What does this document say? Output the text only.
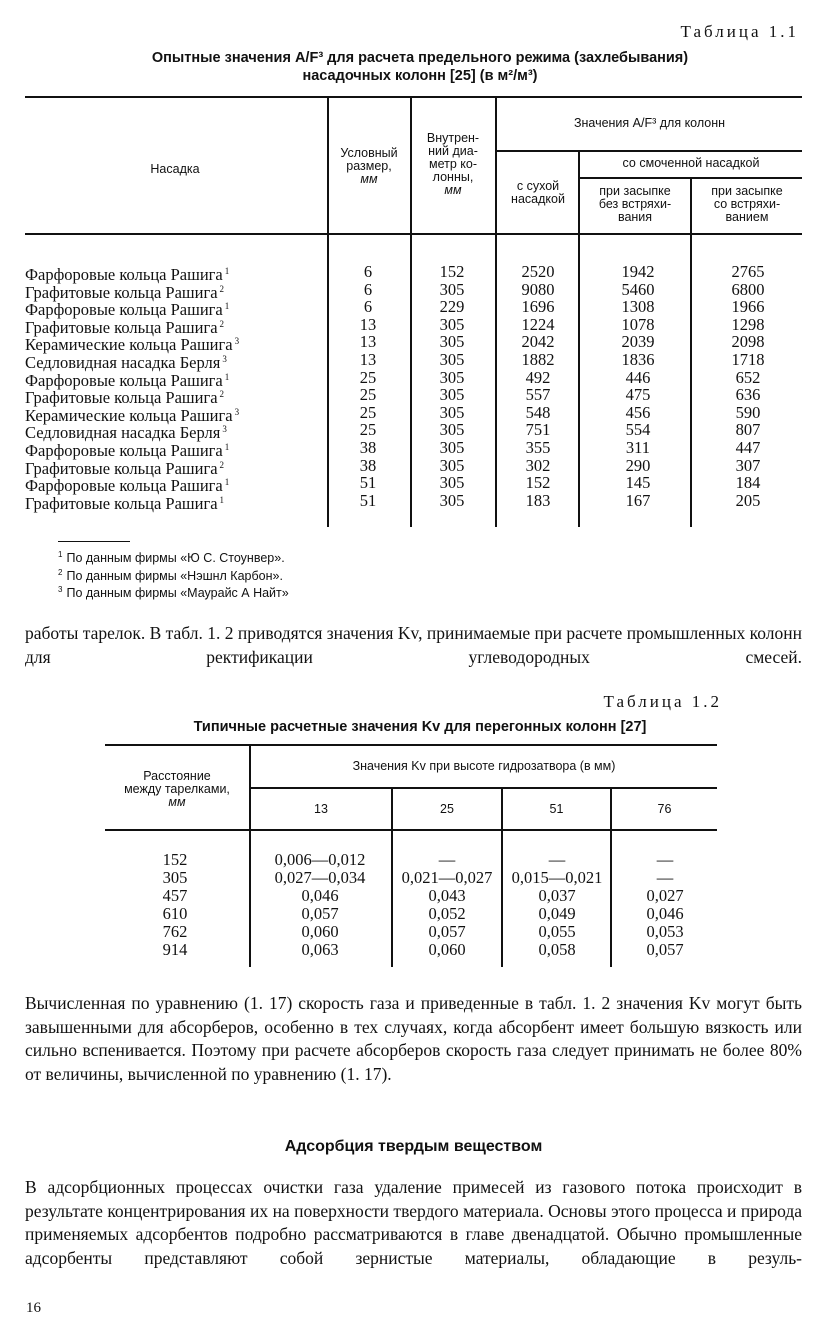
Таблица 1.1
Опытные значения A/F³ для расчета предельного режима (захлебывания)
насадочных колонн [25] (в м²/м³)
Насадка
Условный
размер,
мм
Внутрен-
ний диа-
метр ко-
лонны,
мм
Значения A/F³ для колонн
со смоченной насадкой
с сухой
насадкой
при засыпке
без встряхи-
вания
при засыпке
со встряхи-
ванием
Фарфоровые кольца Рашига $^1$	6	152	2520	1942	2765
Графитовые кольца Рашига $^2$	6	305	9080	5460	6800
Фарфоровые кольца Рашига $^1$	6	229	1696	1308	1966
Графитовые кольца Рашига $^2$	13	305	1224	1078	1298
Керамические кольца Рашига $^3$	13	305	2042	2039	2098
Седловидная насадка Берля $^3$	13	305	1882	1836	1718
Фарфоровые кольца Рашига $^1$	25	305	492	446	652
Графитовые кольца Рашига $^2$	25	305	557	475	636
Керамические кольца Рашига $^3$	25	305	548	456	590
Седловидная насадка Берля $^3$	25	305	751	554	807
Фарфоровые кольца Рашига $^1$	38	305	355	311	447
Графитовые кольца Рашига $^2$	38	305	302	290	307
Фарфоровые кольца Рашига $^1$	51	305	152	145	184
Графитовые кольца Рашига $^1$	51	305	183	167	205
$^1$ По данным фирмы «Ю С. Стоунвер».
$^2$ По данным фирмы «Нэшнл Карбон».
$^3$ По данным фирмы «Маурайс А Найт»
работы тарелок. В табл. 1. 2 приводятся значения Kv, принимаемые при расчете промышленных колонн для ректификации углеводородных смесей.
Таблица 1.2
Типичные расчетные значения Kv для перегонных колонн [27]
Расстояние
между тарелками,
мм
Значения Kv при высоте гидрозатвора (в мм)
13	25	51	76
152	0,006—0,012	—	—	—
305	0,027—0,034	0,021—0,027	0,015—0,021	—
457	0,046	0,043	0,037	0,027
610	0,057	0,052	0,049	0,046
762	0,060	0,057	0,055	0,053
914	0,063	0,060	0,058	0,057
Вычисленная по уравнению (1. 17) скорость газа и приведенные в табл. 1. 2 значения Kv могут быть завышенными для абсорберов, особенно в тех случаях, когда абсорбент имеет большую вязкость или сильно вспенивается. Поэтому при расчете абсорберов скорость газа следует принимать не более 80% от величины, вычисленной по уравнению (1. 17).
Адсорбция твердым веществом
В адсорбционных процессах очистки газа удаление примесей из газового потока происходит в результате концентрирования их на поверхности твердого материала. Основы этого процесса и природа применяемых адсорбентов подробно рассматриваются в главе двенадцатой. Обычно промышленные адсорбенты представляют собой зернистые материалы, обладающие в резуль-
16
